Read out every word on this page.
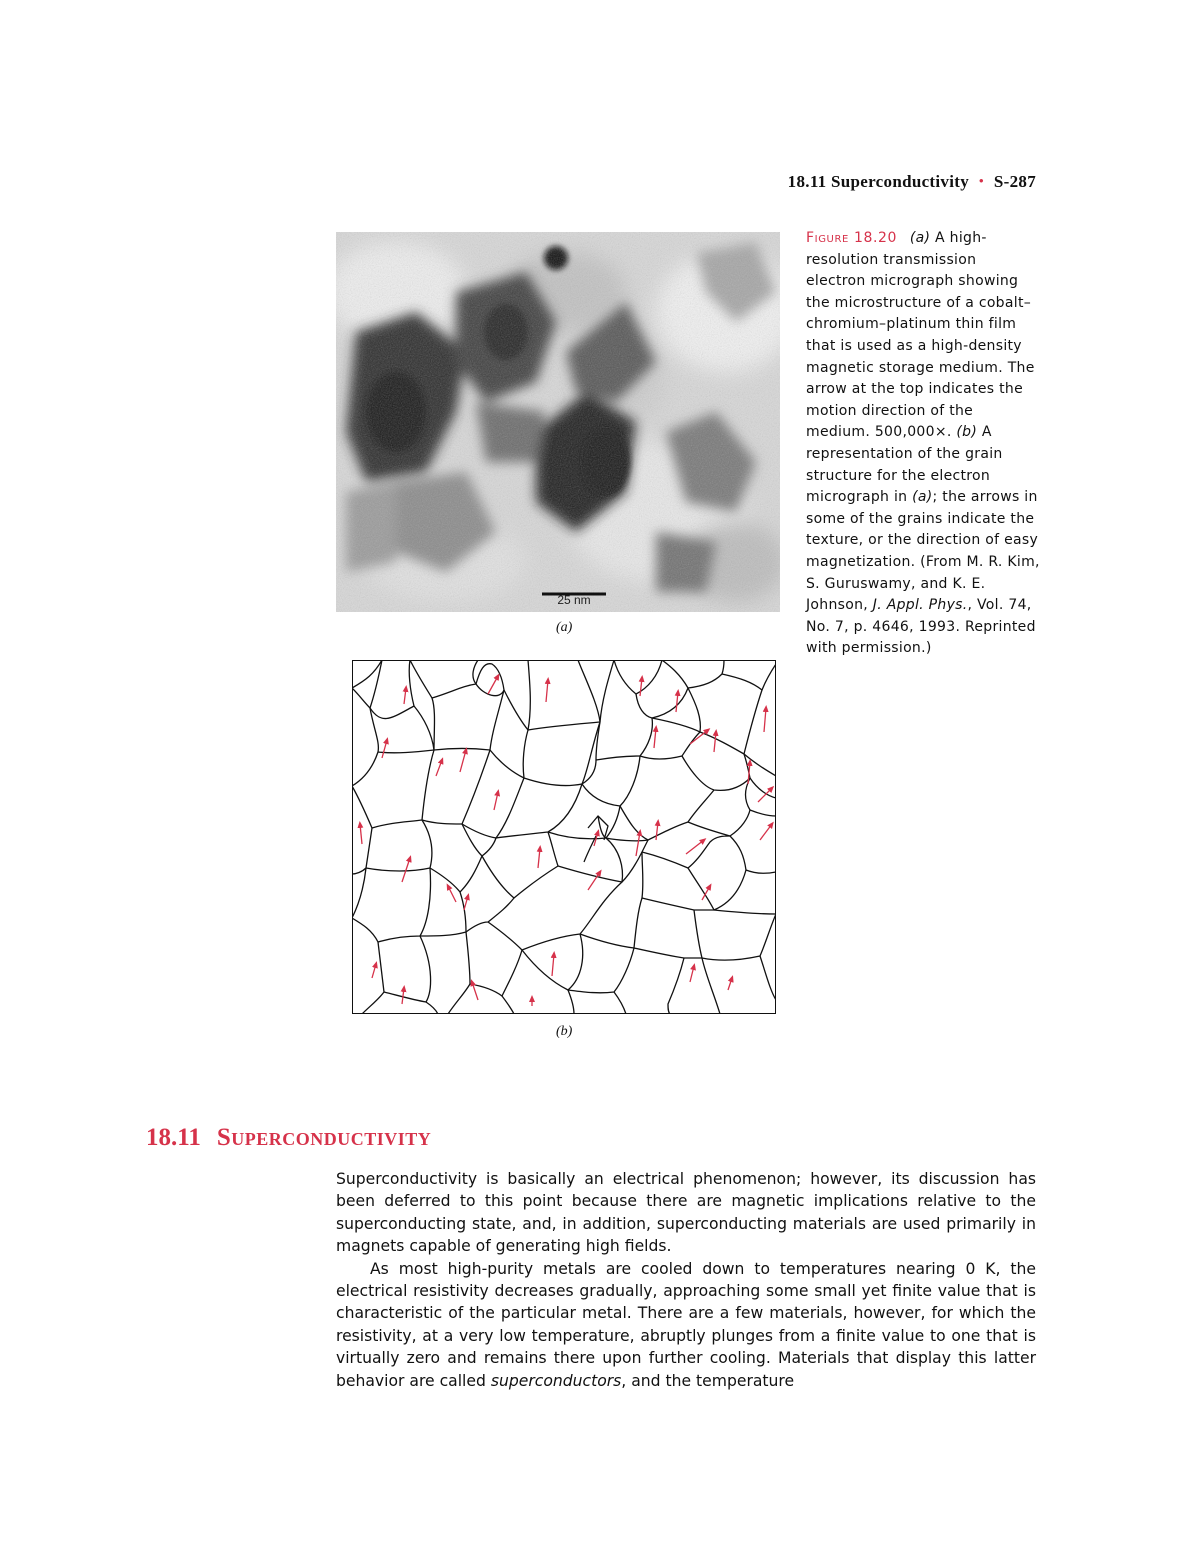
18.11 Superconductivity • S-287
25 nm
(a)
(b)
Figure 18.20 (a) A high-resolution transmission electron micrograph showing the microstructure of a cobalt–chromium–platinum thin film that is used as a high-density magnetic storage medium. The arrow at the top indicates the motion direction of the medium. 500,000×. (b) A representation of the grain structure for the electron micrograph in (a); the arrows in some of the grains indicate the texture, or the direction of easy magnetization. (From M. R. Kim, S. Guruswamy, and K. E. Johnson, J. Appl. Phys., Vol. 74, No. 7, p. 4646, 1993. Reprinted with permission.)
18.11 Superconductivity

Superconductivity is basically an electrical phenomenon; however, its discussion has been deferred to this point because there are magnetic implications relative to the superconducting state, and, in addition, superconducting materials are used primarily in magnets capable of generating high fields.

As most high-purity metals are cooled down to temperatures nearing 0 K, the electrical resistivity decreases gradually, approaching some small yet finite value that is characteristic of the particular metal. There are a few materials, however, for which the resistivity, at a very low temperature, abruptly plunges from a finite value to one that is virtually zero and remains there upon further cooling. Materials that display this latter behavior are called superconductors, and the temperature
